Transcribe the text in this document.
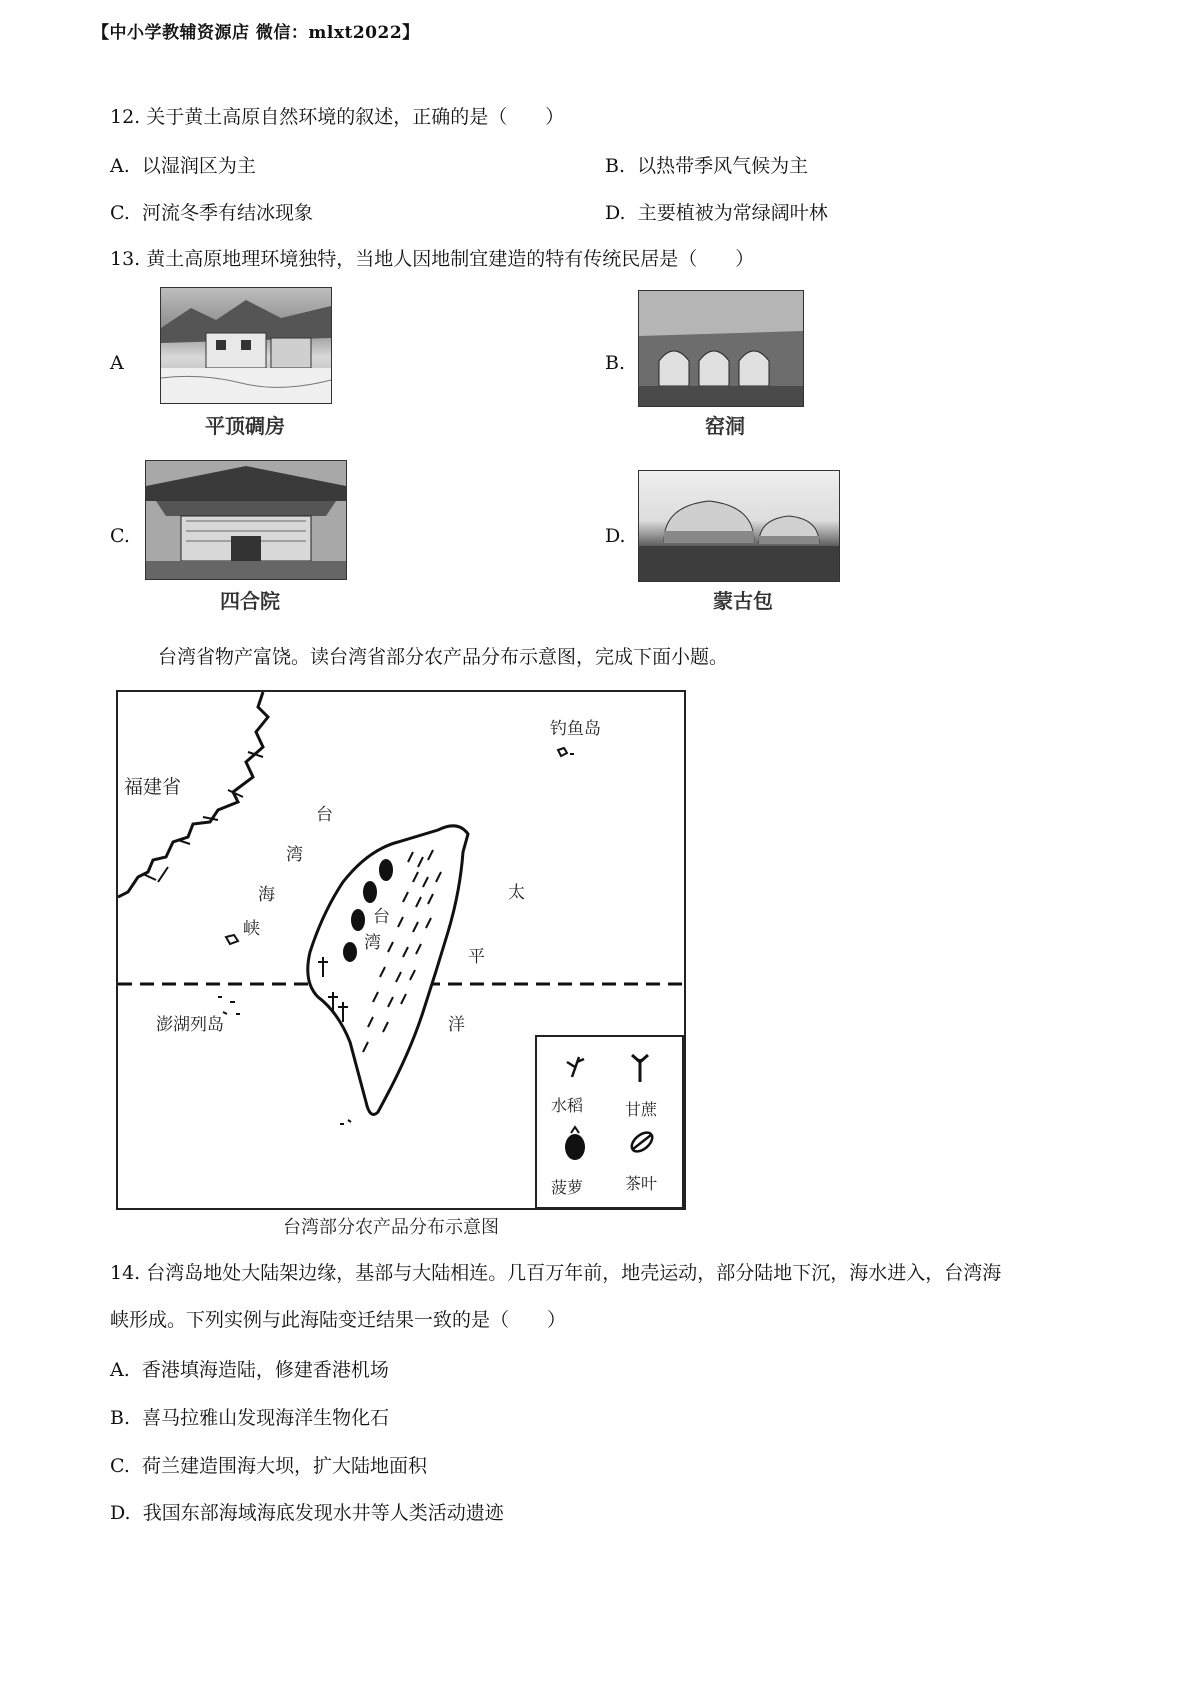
【中小学教辅资源店 微信：mlxt2022】
12. 关于黄土高原自然环境的叙述，正确的是（　　）
A. 以湿润区为主	B. 以热带季风气候为主
C. 河流冬季有结冰现象	D. 主要植被为常绿阔叶林
13. 黄土高原地理环境独特，当地人因地制宜建造的特有传统民居是（　　）
A
平顶碉房
B.
窑洞
C.
四合院
D.
蒙古包
台湾省物产富饶。读台湾省部分农产品分布示意图，完成下面小题。
福建省
钓鱼岛
台
湾
海
峡
台
湾
太
平
洋
澎湖列岛
水稻	甘蔗
菠萝	茶叶
台湾部分农产品分布示意图
14. 台湾岛地处大陆架边缘，基部与大陆相连。几百万年前，地壳运动，部分陆地下沉，海水进入，台湾海
峡形成。下列实例与此海陆变迁结果一致的是（　　）
A. 香港填海造陆，修建香港机场
B. 喜马拉雅山发现海洋生物化石
C. 荷兰建造围海大坝，扩大陆地面积
D. 我国东部海域海底发现水井等人类活动遗迹
